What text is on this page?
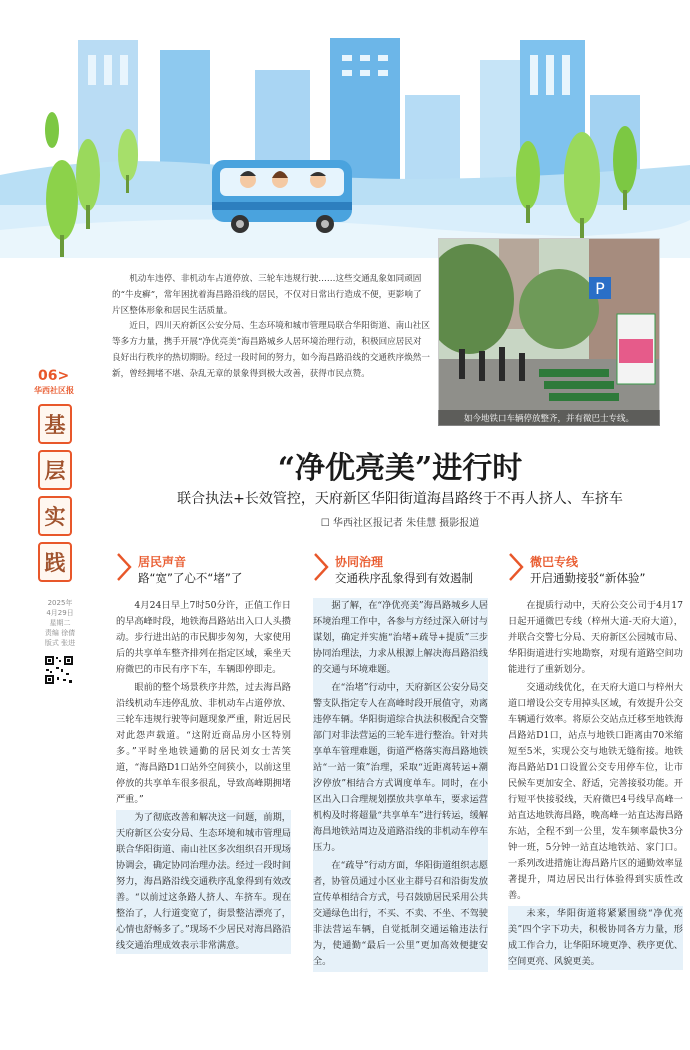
P
如今地铁口车辆停放整齐，并有微巴士专线。

机动车违停、非机动车占道停放、三轮车违规行驶……这些交通乱象如同顽固的“牛皮癣”，常年困扰着海昌路沿线的居民，不仅对日常出行造成不便，更影响了片区整体形象和居民生活质量。

近日，四川天府新区公安分局、生态环境和城市管理局联合华阳街道、南山社区等多方力量，携手开展“净优亮美”海昌路城乡人居环境治理行动，积极回应居民对良好出行秩序的热切期盼。经过一段时间的努力，如今海昌路沿线的交通秩序焕然一新，曾经拥堵不堪、杂乱无章的景象得到极大改善，获得市民点赞。

06>
华西社区报
基
层
实
践
2025年
4月29日
星期二
责编 徐倩
版式 张进
“净优亮美”进行时
联合执法+长效管控，天府新区华阳街道海昌路终于不再人挤人、车挤车
☐ 华西社区报记者 朱佳慧 摄影报道
居民声音
路“宽”了心不“堵”了
协同治理
交通秩序乱象得到有效遏制
微巴专线
开启通勤接驳“新体验”

4月24日早上7时50分许，正值工作日的早高峰时段，地铁海昌路站出入口人头攒动。步行进出站的市民脚步匆匆，大家使用后的共享单车整齐排列在指定区域，乘坐天府微巴的市民有序下车，车辆即停即走。

眼前的整个场景秩序井然，过去海昌路沿线机动车违停乱放、非机动车占道停放、三轮车违规行驶等问题现象严重，附近居民对此怨声载道。“这附近商品房小区特别多。”平时坐地铁通勤的居民刘女士苦笑道，“海昌路D1口站外空间狭小，以前这里停放的共享单车很多很乱，导致高峰期拥堵严重。”

为了彻底改善和解决这一问题，前期，天府新区公安分局、生态环境和城市管理局联合华阳街道、南山社区多次组织召开现场协调会，确定协同治理办法。经过一段时间努力，海昌路沿线交通秩序乱象得到有效改善。“以前过这条路人挤人、车挤车。现在整治了，人行道变宽了，街景整洁漂亮了，心情也舒畅多了。”现场不少居民对海昌路沿线交通治理成效表示非常满意。

据了解，在“净优亮美”海昌路城乡人居环境治理工作中，各参与方经过深入研讨与谋划，确定并实施“治堵+疏导+提质”三步协同治理法，力求从根源上解决海昌路沿线的交通与环境难题。

在“治堵”行动中，天府新区公安分局交警支队指定专人在高峰时段开展值守，劝离违停车辆。华阳街道综合执法积极配合交警部门对非法营运的三轮车进行整治。针对共享单车管理难题，街道严格落实海昌路地铁站“一站一策”治理，采取“近距离转运+潮汐停放”相结合方式调度单车。同时，在小区出入口合理规划摆放共享单车，要求运营机构及时将超量“共享单车”进行转运，缓解海昌地铁站周边及道路沿线的非机动车停车压力。

在“疏导”行动方面，华阳街道组织志愿者，协管员通过小区业主群号召和沿街发放宣传单相结合方式，号召鼓励居民采用公共交通绿色出行，不买、不卖、不坐、不驾驶非法营运车辆，自觉抵制交通运输违法行为，使通勤“最后一公里”更加高效便捷安全。

在提质行动中，天府公交公司于4月17日起开通微巴专线（梓州大道-天府大道），并联合交警七分局、天府新区公园城市局、华阳街道进行实地勘察，对现有道路空间功能进行了重新划分。

交通动线优化，在天府大道口与梓州大道口增设公交专用掉头区域，有效提升公交车辆通行效率。将原公交站点迁移至地铁海昌路站D1口，站点与地铁口距离由70米缩短至5米，实现公交与地铁无缝衔接。地铁海昌路站D1口设置公交专用停车位，让市民候车更加安全、舒适，完善接驳功能。开行短平快接驳线，天府微巴4号线早高峰一站直达地铁海昌路，晚高峰一站直达海昌路东站，全程不到一公里，发车频率最快3分钟一班，5分钟一站直达地铁站、家门口。一系列改进措施让海昌路片区的通勤效率显著提升，周边居民出行体验得到实质性改善。

未来，华阳街道将紧紧围绕“净优亮美”四个字下功夫，积极协同各方力量，形成工作合力，让华阳环境更净、秩序更优、空间更亮、风貌更美。
